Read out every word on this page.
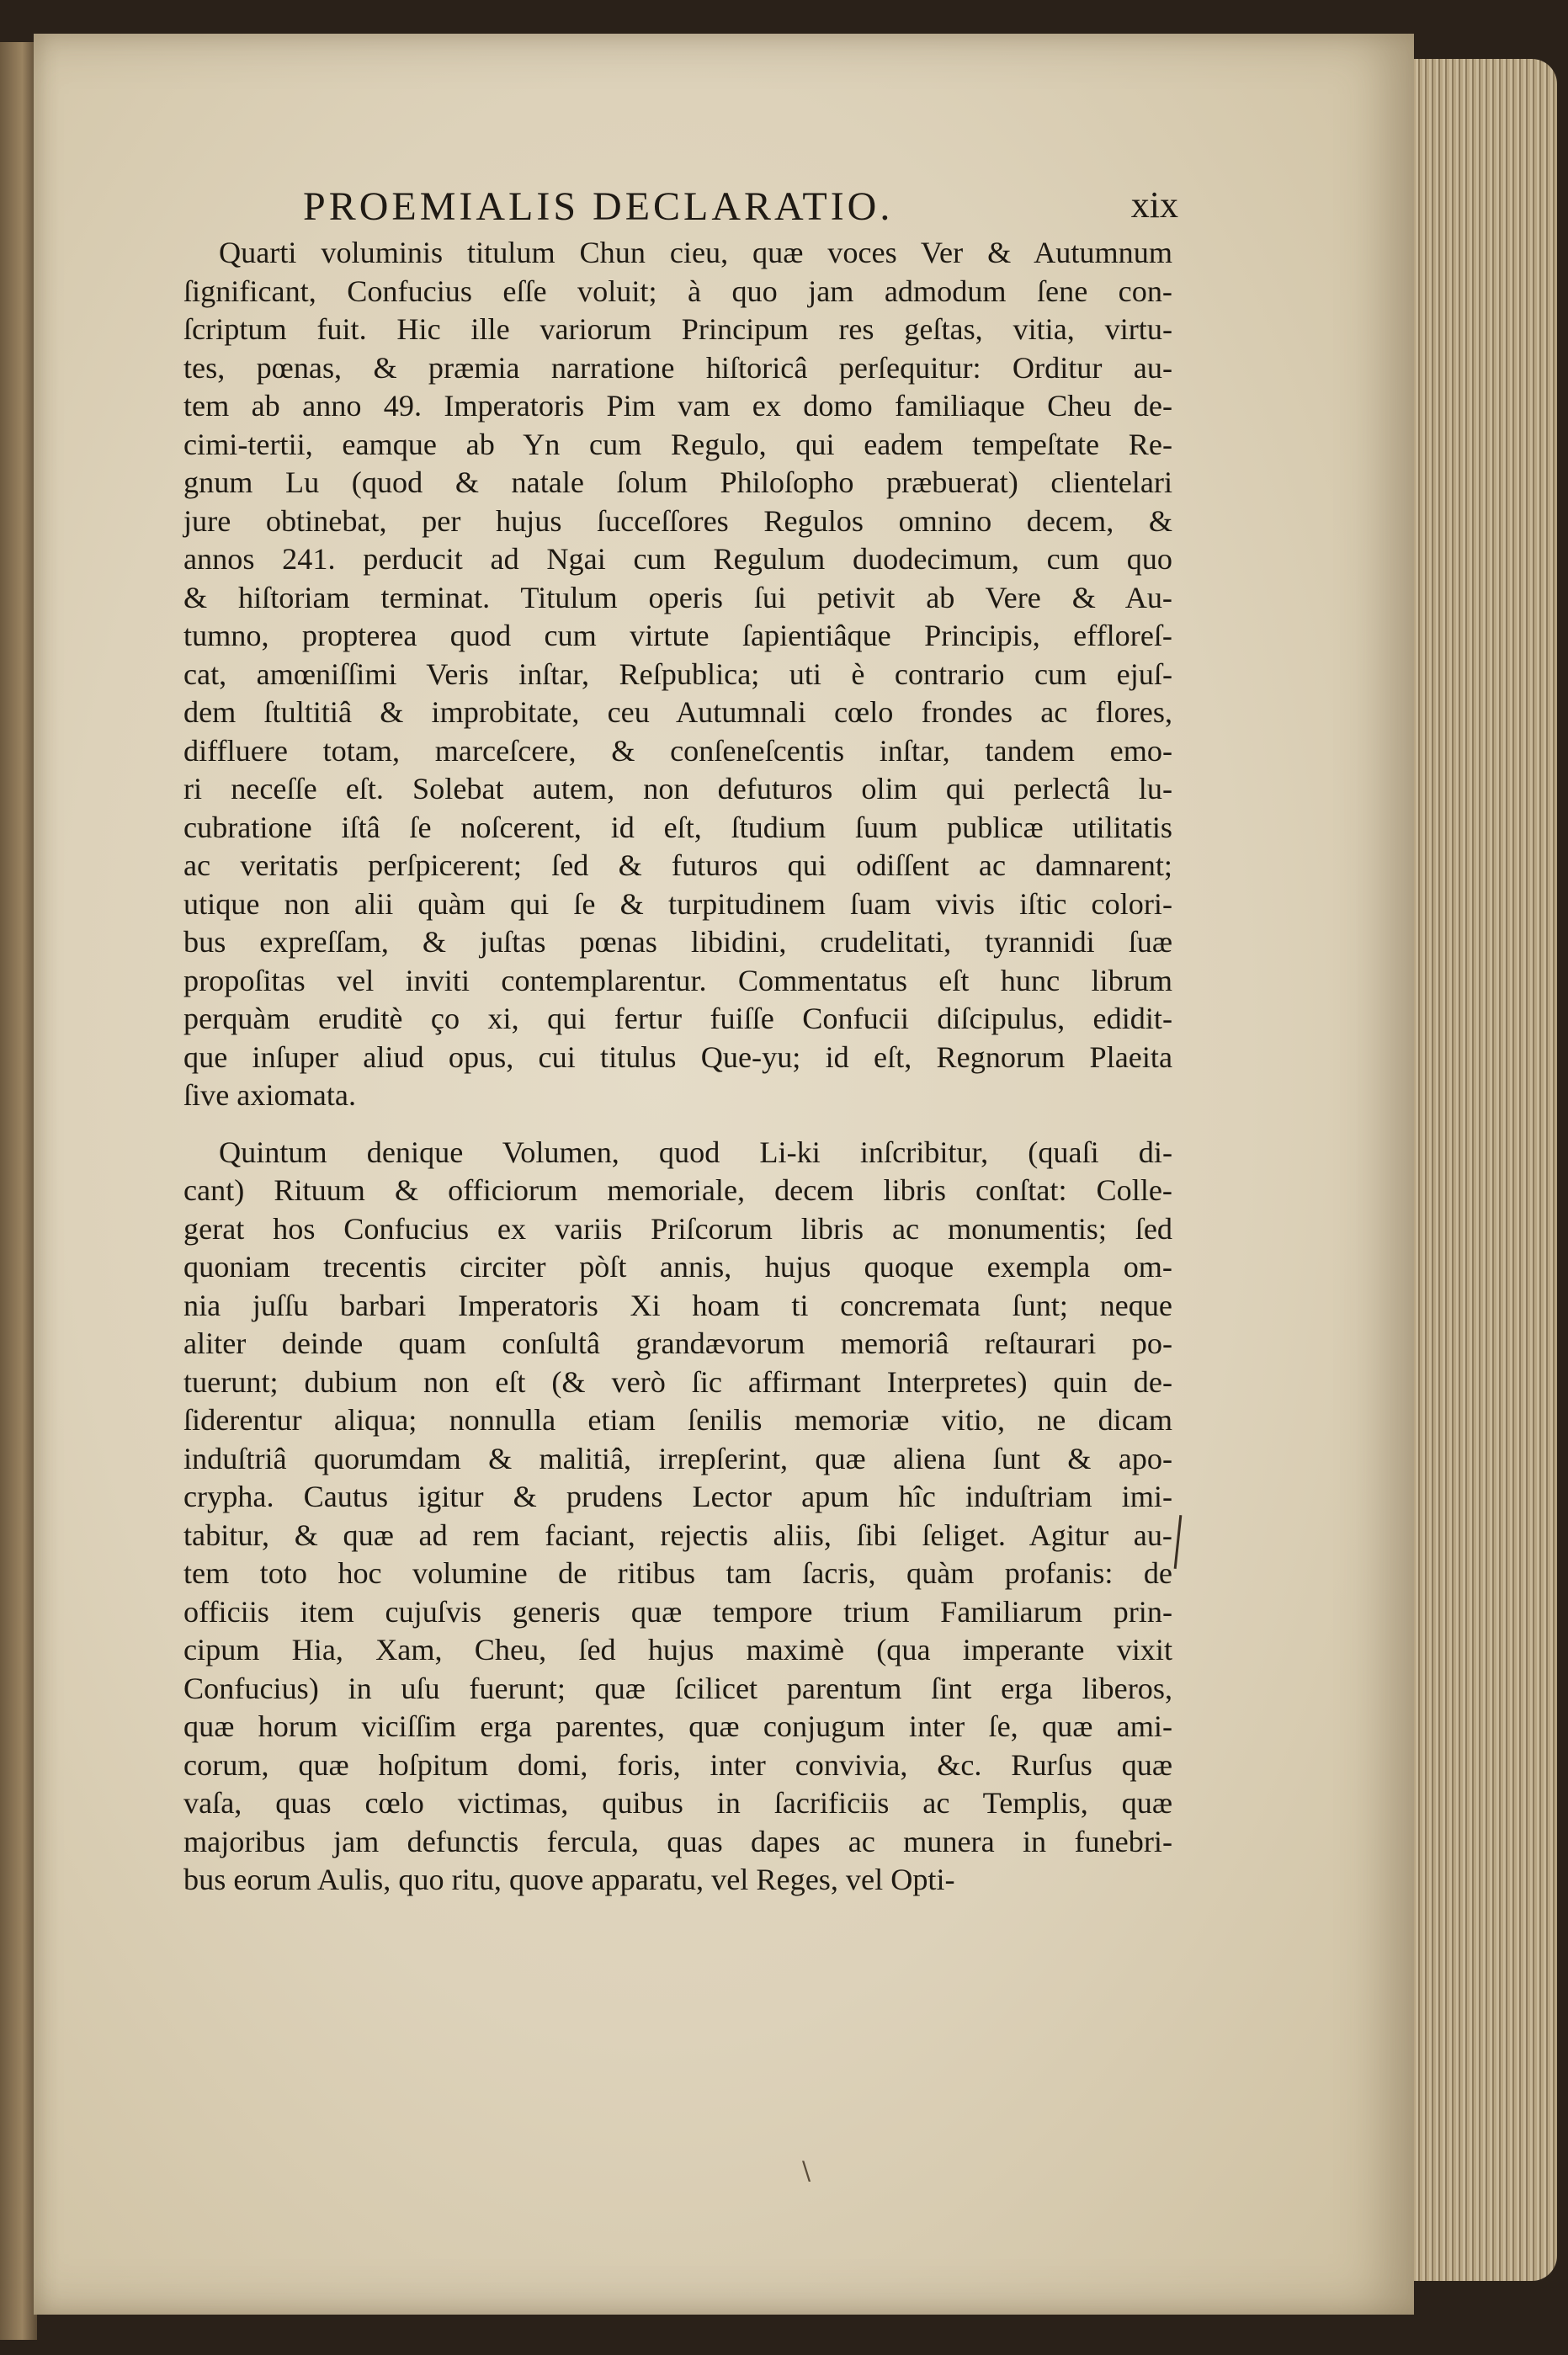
PROEMIALIS DECLARATIO.	xix
Quarti voluminis titulum Chun cieu, quæ voces Ver & Autumnum
ſignificant, Confucius eſſe voluit; à quo jam admodum ſene con-
ſcriptum fuit. Hic ille variorum Principum res geſtas, vitia, virtu-
tes, pœnas, & præmia narratione hiſtoricâ perſequitur: Orditur au-
tem ab anno 49. Imperatoris Pim vam ex domo familiaque Cheu de-
cimi-tertii, eamque ab Yn cum Regulo, qui eadem tempeſtate Re-
gnum Lu (quod & natale ſolum Philoſopho præbuerat) clientelari
jure obtinebat, per hujus ſucceſſores Regulos omnino decem, &
annos 241. perducit ad Ngai cum Regulum duodecimum, cum quo
& hiſtoriam terminat. Titulum operis ſui petivit ab Vere & Au-
tumno, propterea quod cum virtute ſapientiâque Principis, effloreſ-
cat, amœniſſimi Veris inſtar, Reſpublica; uti è contrario cum ejuſ-
dem ſtultitiâ & improbitate, ceu Autumnali cœlo frondes ac flores,
diffluere totam, marceſcere, & conſeneſcentis inſtar, tandem emo-
ri neceſſe eſt. Solebat autem, non defuturos olim qui perlectâ lu-
cubratione iſtâ ſe noſcerent, id eſt, ſtudium ſuum publicæ utilitatis
ac veritatis perſpicerent; ſed & futuros qui odiſſent ac damnarent;
utique non alii quàm qui ſe & turpitudinem ſuam vivis iſtic colori-
bus expreſſam, & juſtas pœnas libidini, crudelitati, tyrannidi ſuæ
propoſitas vel inviti contemplarentur. Commentatus eſt hunc librum
perquàm eruditè ço xi, qui fertur fuiſſe Confucii diſcipulus, edidit-
que inſuper aliud opus, cui titulus Que-yu; id eſt, Regnorum Plaeita
ſive axiomata.
Quintum denique Volumen, quod Li-ki inſcribitur, (quaſi di-
cant) Rituum & officiorum memoriale, decem libris conſtat: Colle-
gerat hos Confucius ex variis Priſcorum libris ac monumentis; ſed
quoniam trecentis circiter pòſt annis, hujus quoque exempla om-
nia juſſu barbari Imperatoris Xi hoam ti concremata ſunt; neque
aliter deinde quam conſultâ grandævorum memoriâ reſtaurari po-
tuerunt; dubium non eſt (& verò ſic affirmant Interpretes) quin de-
ſiderentur aliqua; nonnulla etiam ſenilis memoriæ vitio, ne dicam
induſtriâ quorumdam & malitiâ, irrepſerint, quæ aliena ſunt & apo-
crypha. Cautus igitur & prudens Lector apum hîc induſtriam imi-
tabitur, & quæ ad rem faciant, rejectis aliis, ſibi ſeliget. Agitur au-
tem toto hoc volumine de ritibus tam ſacris, quàm profanis: de
officiis item cujuſvis generis quæ tempore trium Familiarum prin-
cipum Hia, Xam, Cheu, ſed hujus maximè (qua imperante vixit
Confucius) in uſu fuerunt; quæ ſcilicet parentum ſint erga liberos,
quæ horum viciſſim erga parentes, quæ conjugum inter ſe, quæ ami-
corum, quæ hoſpitum domi, foris, inter convivia, &c. Rurſus quæ
vaſa, quas cœlo victimas, quibus in ſacrificiis ac Templis, quæ
majoribus jam defunctis fercula, quas dapes ac munera in funebri-
bus eorum Aulis, quo ritu, quove apparatu, vel Reges, vel Opti-
\
